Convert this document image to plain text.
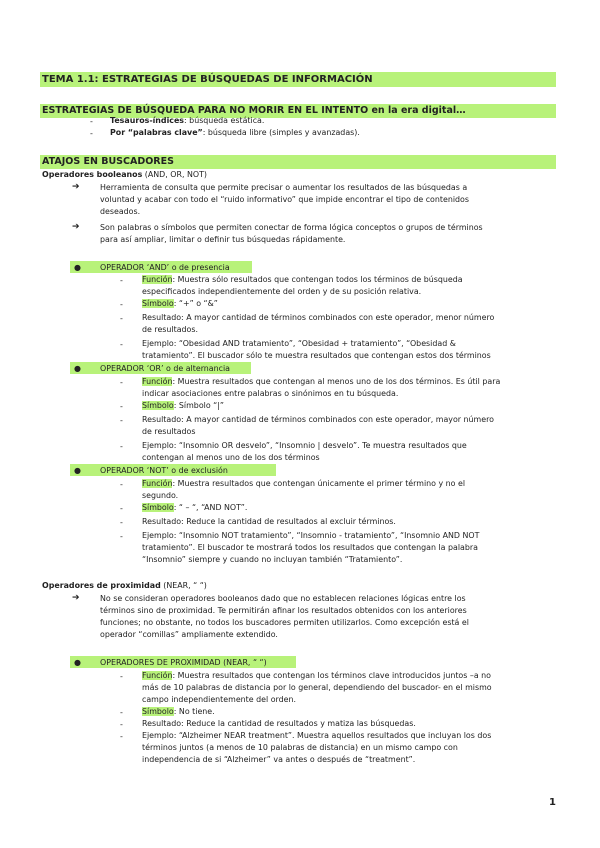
TEMA 1.1: ESTRATEGIAS DE BÚSQUEDAS DE INFORMACIÓN
ESTRATEGIAS DE BÚSQUEDA PARA NO MORIR EN EL INTENTO en la era digital…
- Tesauros-índices: búsqueda estática.
- Por “palabras clave”: búsqueda libre (simples y avanzadas).
ATAJOS EN BUSCADORES
Operadores booleanos (AND, OR, NOT)
➔	Herramienta de consulta que permite precisar o aumentar los resultados de las búsquedas a
voluntad y acabar con todo el “ruido informativo” que impide encontrar el tipo de contenidos
deseados.
➔	Son palabras o símbolos que permiten conectar de forma lógica conceptos o grupos de términos
para así ampliar, limitar o definir tus búsquedas rápidamente.
● OPERADOR ‘AND’ o de presencia
- Función: Muestra sólo resultados que contengan todos los términos de búsqueda
especificados independientemente del orden y de su posición relativa.
- Símbolo: “+” o “&”
- Resultado: A mayor cantidad de términos combinados con este operador, menor número
de resultados.
- Ejemplo: “Obesidad AND tratamiento”, “Obesidad + tratamiento”, “Obesidad &
tratamiento”. El buscador sólo te muestra resultados que contengan estos dos términos
● OPERADOR ‘OR’ o de alternancia
- Función: Muestra resultados que contengan al menos uno de los dos términos. Es útil para
indicar asociaciones entre palabras o sinónimos en tu búsqueda.
- Símbolo: Símbolo “|”
- Resultado: A mayor cantidad de términos combinados con este operador, mayor número
de resultados
- Ejemplo: “Insomnio OR desvelo”, “Insomnio | desvelo”. Te muestra resultados que
contengan al menos uno de los dos términos
● OPERADOR ‘NOT’ o de exclusión
- Función: Muestra resultados que contengan únicamente el primer término y no el
segundo.
- Símbolo: “ – “, “AND NOT”.
- Resultado: Reduce la cantidad de resultados al excluir términos.
- Ejemplo: “Insomnio NOT tratamiento”, “Insomnio - tratamiento”, “Insomnio AND NOT
tratamiento”. El buscador te mostrará todos los resultados que contengan la palabra
“Insomnio” siempre y cuando no incluyan también “Tratamiento”.
Operadores de proximidad (NEAR, “ “)
➔	No se consideran operadores booleanos dado que no establecen relaciones lógicas entre los
términos sino de proximidad. Te permitirán afinar los resultados obtenidos con los anteriores
funciones; no obstante, no todos los buscadores permiten utilizarlos. Como excepción está el
operador “comillas” ampliamente extendido.
● OPERADORES DE PROXIMIDAD (NEAR, “ “)
- Función: Muestra resultados que contengan los términos clave introducidos juntos –a no
más de 10 palabras de distancia por lo general, dependiendo del buscador- en el mismo
campo independientemente del orden.
- Símbolo: No tiene.
- Resultado: Reduce la cantidad de resultados y matiza las búsquedas.
- Ejemplo: “Alzheimer NEAR treatment”. Muestra aquellos resultados que incluyan los dos
términos juntos (a menos de 10 palabras de distancia) en un mismo campo con
independencia de si “Alzheimer” va antes o después de “treatment”.
1
